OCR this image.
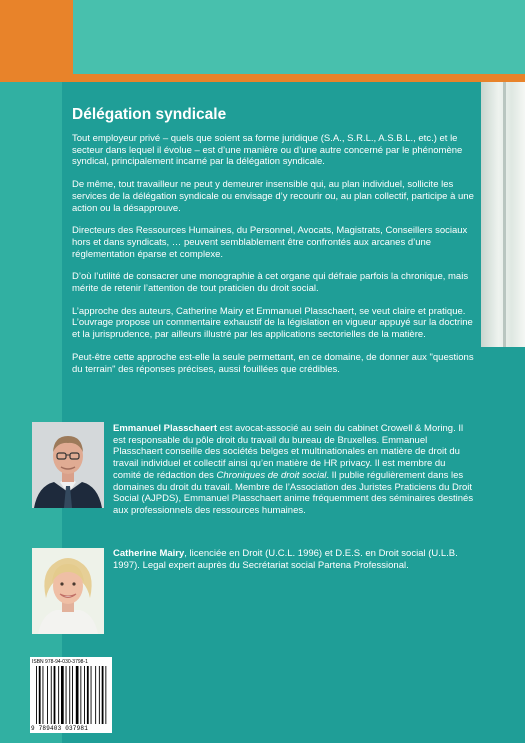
Délégation syndicale

Tout employeur privé – quels que soient sa forme juridique (S.A., S.R.L., A.S.B.L., etc.) et le secteur dans lequel il évolue – est d’une manière ou d’une autre concerné par le phénomène syndical, principalement incarné par la délégation syndicale.

De même, tout travailleur ne peut y demeurer insensible qui, au plan individuel, sollicite les services de la délégation syndicale ou envisage d’y recourir ou, au plan collectif, participe à une action ou la désapprouve.

Directeurs des Ressources Humaines, du Personnel, Avocats, Magistrats, Conseillers sociaux hors et dans syndicats, … peuvent semblablement être confrontés aux arcanes d’une réglementation éparse et complexe.

D’où l’utilité de consacrer une monographie à cet organe qui défraie parfois la chronique, mais mérite de retenir l’attention de tout praticien du droit social.

L’approche des auteurs, Catherine Mairy et Emmanuel Plasschaert, se veut claire et pratique. L’ouvrage propose un commentaire exhaustif de la législation en vigueur appuyé sur la doctrine et la jurisprudence, par ailleurs illustré par les applications sectorielles de la matière.

Peut-être cette approche est-elle la seule permettant, en ce domaine, de donner aux "questions du terrain" des réponses précises, aussi fouillées que crédibles.

Emmanuel Plasschaert est avocat-associé au sein du cabinet Crowell & Moring. Il est responsable du pôle droit du travail du bureau de Bruxelles. Emmanuel Plasschaert conseille des sociétés belges et multinationales en matière de droit du travail individuel et collectif ainsi qu’en matière de HR privacy. Il est membre du comité de rédaction des Chroniques de droit social. Il publie régulièrement dans les domaines du droit du travail. Membre de l’Association des Juristes Praticiens du Droit Social (AJPDS), Emmanuel Plasschaert anime fréquemment des séminaires destinés aux professionnels des ressources humaines.

Catherine Mairy, licenciée en Droit (U.C.L. 1996) et D.E.S. en Droit social (U.L.B. 1997). Legal expert auprès du Secrétariat social Partena Professional.

ISBN 978-94-030-3798-1
9 789403 037981
